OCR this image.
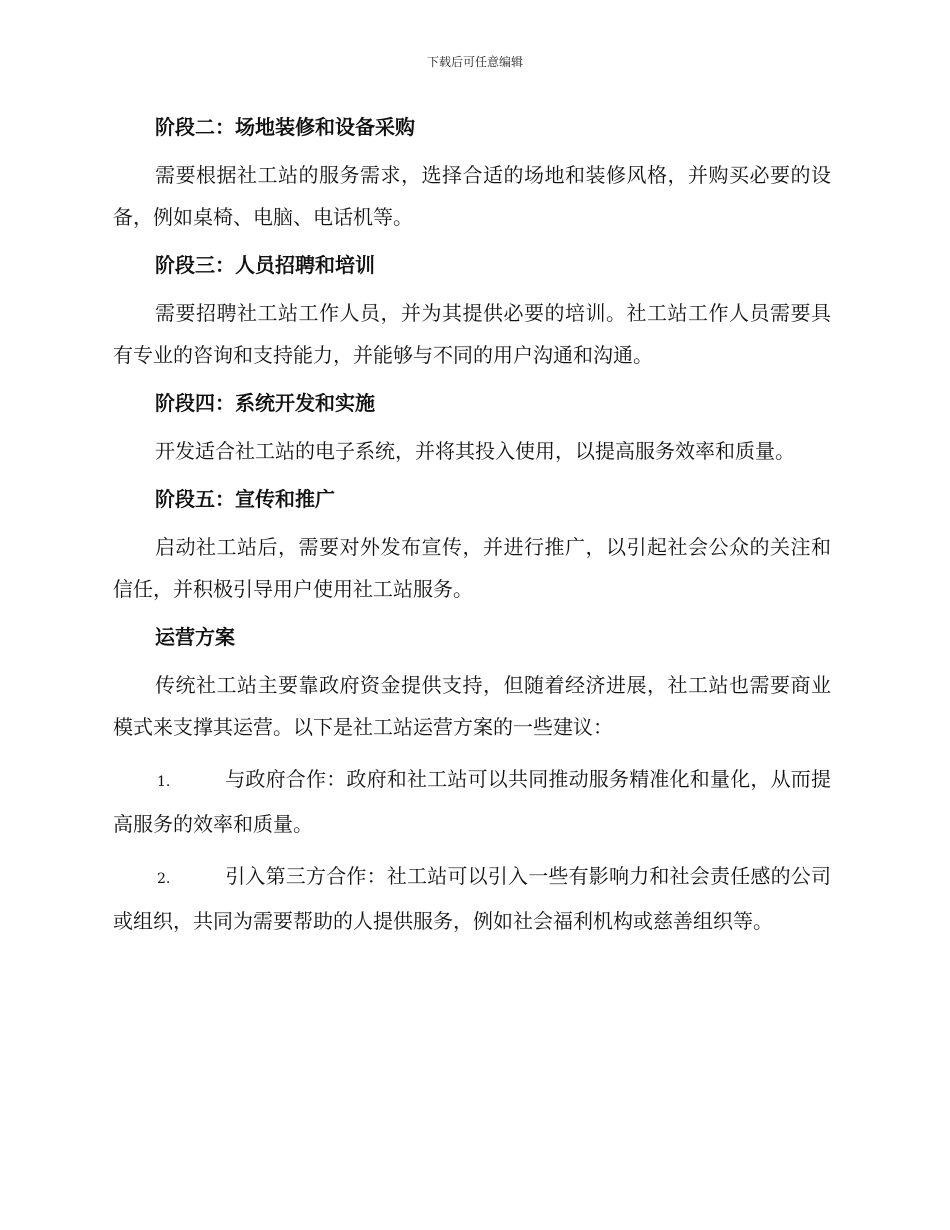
下载后可任意编辑
阶段二：场地装修和设备采购
需要根据社工站的服务需求，选择合适的场地和装修风格，并购买必要的设备，例如桌椅、电脑、电话机等。
阶段三：人员招聘和培训
需要招聘社工站工作人员，并为其提供必要的培训。社工站工作人员需要具有专业的咨询和支持能力，并能够与不同的用户沟通和沟通。
阶段四：系统开发和实施
开发适合社工站的电子系统，并将其投入使用，以提高服务效率和质量。
阶段五：宣传和推广
启动社工站后，需要对外发布宣传，并进行推广，以引起社会公众的关注和信任，并积极引导用户使用社工站服务。
运营方案
传统社工站主要靠政府资金提供支持，但随着经济进展，社工站也需要商业模式来支撑其运营。以下是社工站运营方案的一些建议：
1.	与政府合作：政府和社工站可以共同推动服务精准化和量化，从而提高服务的效率和质量。
2.	引入第三方合作：社工站可以引入一些有影响力和社会责任感的公司或组织，共同为需要帮助的人提供服务，例如社会福利机构或慈善组织等。
